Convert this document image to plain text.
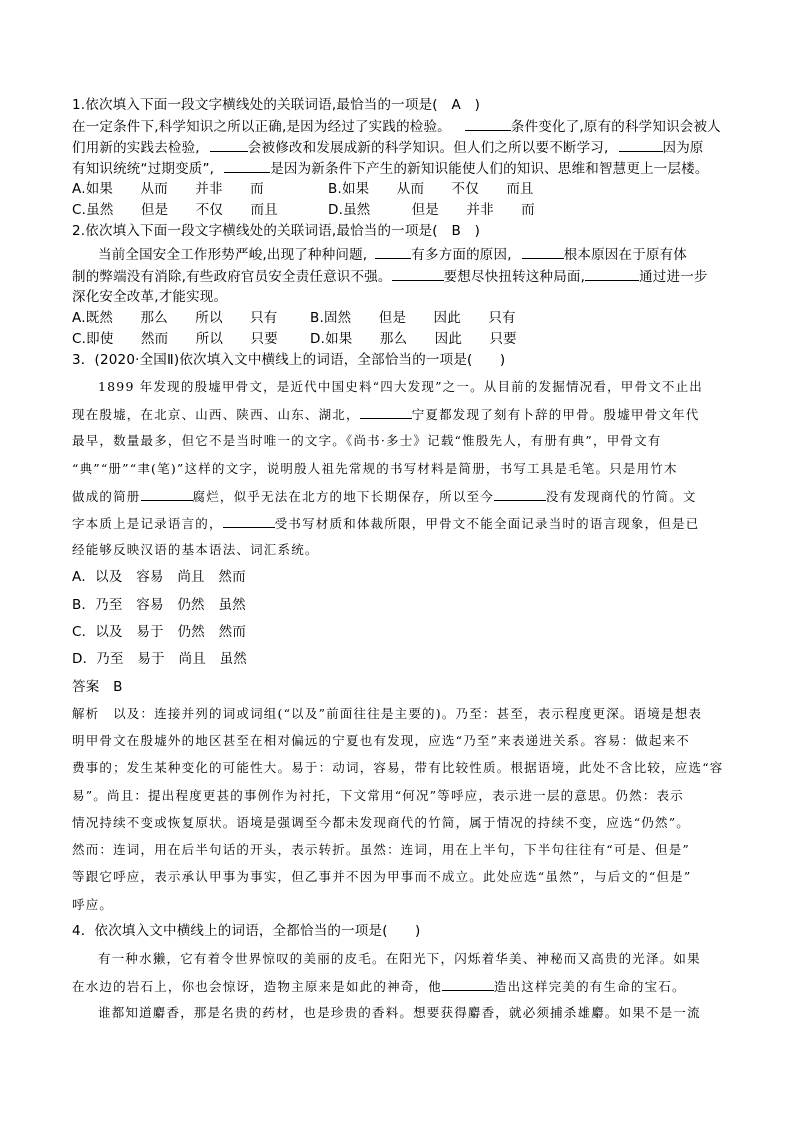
1.依次填入下面一段文字横线处的关联词语,最恰当的一项是(　A　)
在一定条件下,科学知识之所以正确,是因为经过了实践的检验。	条件变化了,原有的科学知识会被人
们用新的实践去检验,	会被修改和发展成新的科学知识。但人们之所以要不断学习,	因为原
有知识统统“过期变质”,	是因为新条件下产生的新知识能使人们的知识、思维和智慧更上一层楼。
A.如果　　从而　　并非　　而	B.如果　　从而　　不仅　　而且
C.虽然　　但是　　不仅　　而且	D.虽然　　　但是　　并非　　而
2.依次填入下面一段文字横线处的关联词语,最恰当的一项是(　B　)
当前全国安全工作形势严峻,出现了种种问题,	有多方面的原因,	根本原因在于原有体
制的弊端没有消除,有些政府官员安全责任意识不强。	要想尽快扭转这种局面,	通过进一步
深化安全改革,才能实现。
A.既然　　那么　　所以　　只有 B.固然　　但是　　因此　　只有
C.即使　　然而　　所以　　只要 D.如果　　那么　　因此　　只要
3．(2020·全国Ⅱ)依次填入文中横线上的词语，全部恰当的一项是(　　)
1899 年发现的殷墟甲骨文，是近代中国史料“四大发现”之一。从目前的发掘情况看，甲骨文不止出
现在殷墟，在北京、山西、陕西、山东、湖北，	宁夏都发现了刻有卜辞的甲骨。殷墟甲骨文年代
最早，数量最多，但它不是当时唯一的文字。《尚书·多士》记载“惟殷先人，有册有典”，甲骨文有
“典”“册”“聿(笔)”这样的文字，说明殷人祖先常规的书写材料是简册，书写工具是毛笔。只是用竹木
做成的简册	腐烂，似乎无法在北方的地下长期保存，所以至今	没有发现商代的竹简。文
字本质上是记录语言的，	受书写材质和体裁所限，甲骨文不能全面记录当时的语言现象，但是已
经能够反映汉语的基本语法、词汇系统。
A．以及　容易　尚且　然而
B．乃至　容易　仍然　虽然
C．以及　易于　仍然　然而
D．乃至　易于　尚且　虽然
答案　B
解析　以及：连接并列的词或词组(“以及”前面往往是主要的)。乃至：甚至，表示程度更深。语境是想表
明甲骨文在殷墟外的地区甚至在相对偏远的宁夏也有发现，应选“乃至”来表递进关系。容易：做起来不
费事的；发生某种变化的可能性大。易于：动词，容易，带有比较性质。根据语境，此处不含比较，应选“容
易”。尚且：提出程度更甚的事例作为衬托，下文常用“何况”等呼应，表示进一层的意思。仍然：表示
情况持续不变或恢复原状。语境是强调至今都未发现商代的竹简，属于情况的持续不变，应选“仍然”。
然而：连词，用在后半句话的开头，表示转折。虽然：连词，用在上半句，下半句往往有“可是、但是”
等跟它呼应，表示承认甲事为事实，但乙事并不因为甲事而不成立。此处应选“虽然”，与后文的“但是”
呼应。
4．依次填入文中横线上的词语，全都恰当的一项是(　　)
有一种水獭，它有着令世界惊叹的美丽的皮毛。在阳光下，闪烁着华美、神秘而又高贵的光泽。如果
在水边的岩石上，你也会惊讶，造物主原来是如此的神奇，他	造出这样完美的有生命的宝石。
谁都知道麝香，那是名贵的药材，也是珍贵的香料。想要获得麝香，就必须捕杀雄麝。如果不是一流
